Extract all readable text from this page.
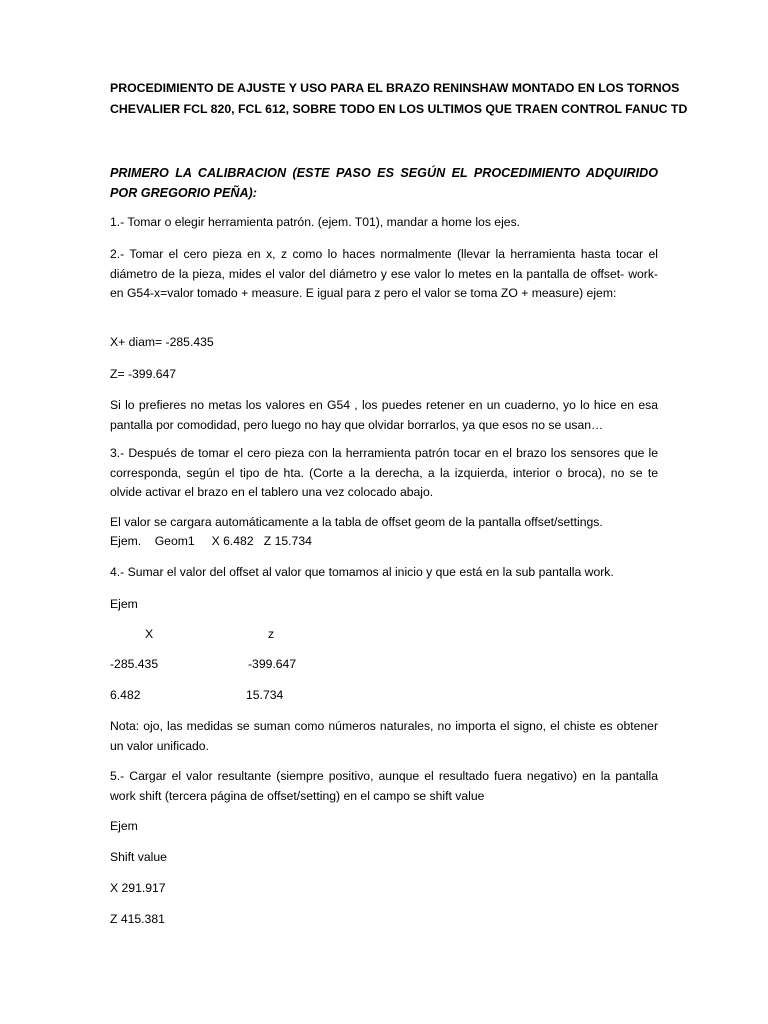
PROCEDIMIENTO DE AJUSTE Y USO PARA EL BRAZO RENINSHAW MONTADO EN LOS TORNOS
CHEVALIER FCL 820, FCL 612, SOBRE TODO EN LOS ULTIMOS QUE TRAEN CONTROL FANUC TD
PRIMERO LA CALIBRACION (ESTE PASO ES SEGÚN EL PROCEDIMIENTO ADQUIRIDO POR GREGORIO PEÑA):
1.- Tomar o elegir herramienta patrón. (ejem. T01), mandar a home los ejes.
2.- Tomar el cero pieza en x, z como lo haces normalmente (llevar la herramienta hasta tocar el diámetro de la pieza, mides el valor del diámetro y ese valor lo metes en la pantalla de offset- work-en G54-x=valor tomado + measure. E igual para z pero el valor se toma ZO + measure) ejem:
X+ diam= -285.435
Z= -399.647
Si lo prefieres no metas los valores en G54 , los puedes retener en un cuaderno, yo lo hice en esa pantalla por comodidad, pero luego no hay que olvidar borrarlos, ya que esos no se usan…
3.- Después de tomar el cero pieza con la herramienta patrón tocar en el brazo los sensores que le corresponda, según el tipo de hta. (Corte a la derecha, a la izquierda, interior o broca), no se te olvide activar el brazo en el tablero una vez colocado abajo.
El valor se cargara automáticamente a la tabla de offset geom de la pantalla offset/settings.
Ejem.    Geom1     X 6.482   Z 15.734
4.- Sumar el valor del offset al valor que tomamos al inicio y que está en la sub pantalla work.
Ejem
X	z
-285.435	-399.647
6.482	15.734
Nota: ojo, las medidas se suman como números naturales, no importa el signo, el chiste es obtener un valor unificado.
5.- Cargar el valor resultante (siempre positivo, aunque el resultado fuera negativo) en la pantalla work shift (tercera página de offset/setting) en el campo se shift value
Ejem
Shift value
X 291.917
Z 415.381
